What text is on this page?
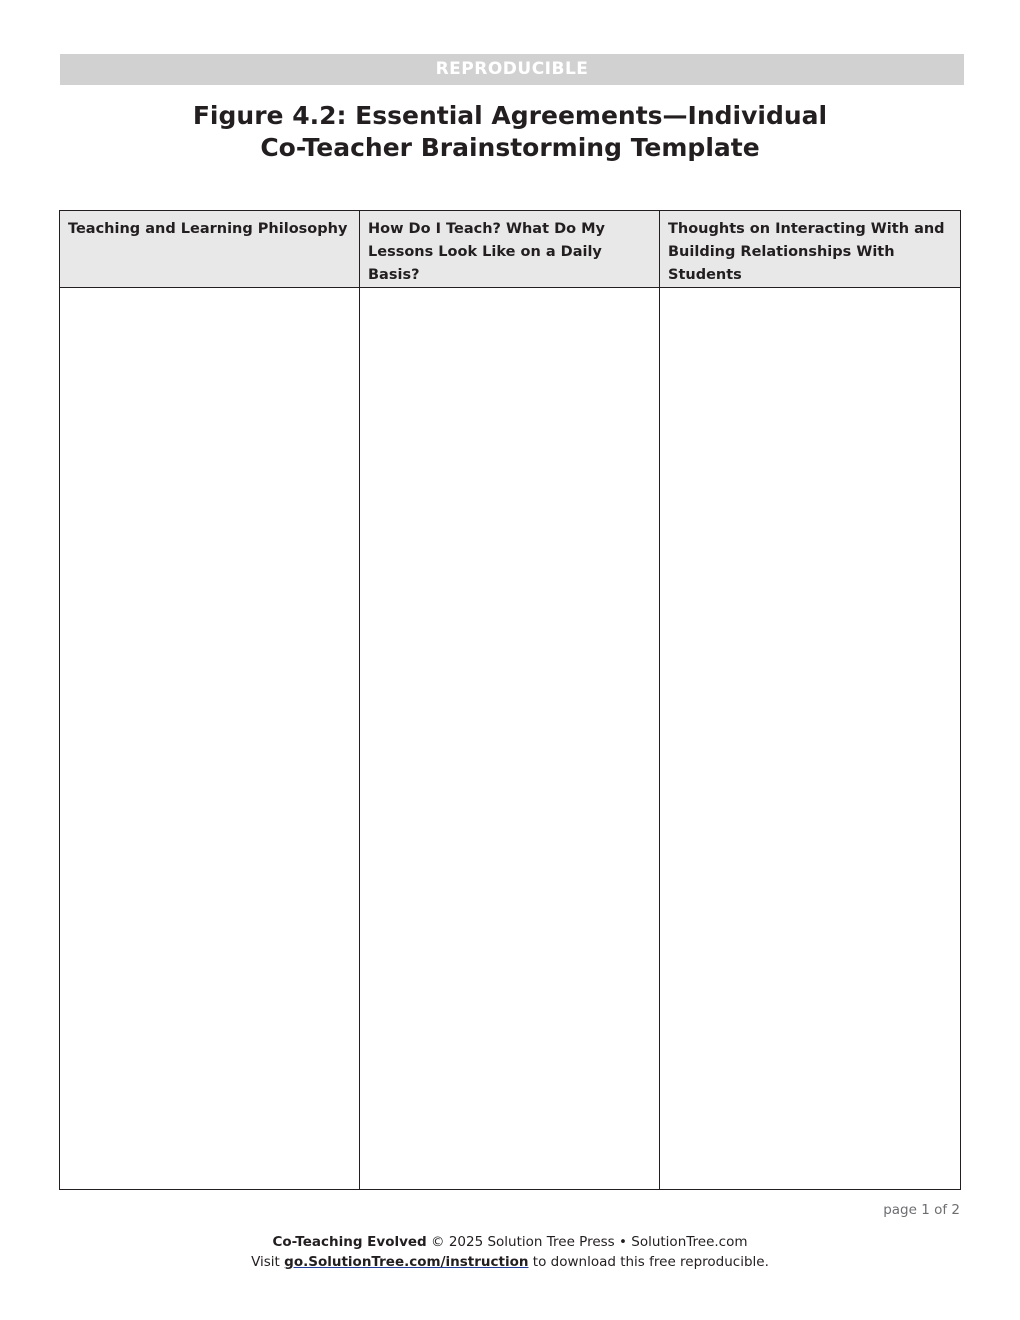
REPRODUCIBLE
Figure 4.2: Essential Agreements—Individual
Co-Teacher Brainstorming Template
Teaching and Learning Philosophy	How Do I Teach? What Do My Lessons Look Like on a Daily Basis?	Thoughts on Interacting With and Building Relationships With Students

page 1 of 2
Co-Teaching Evolved © 2025 Solution Tree Press • SolutionTree.com
Visit go.SolutionTree.com/instruction to download this free reproducible.
